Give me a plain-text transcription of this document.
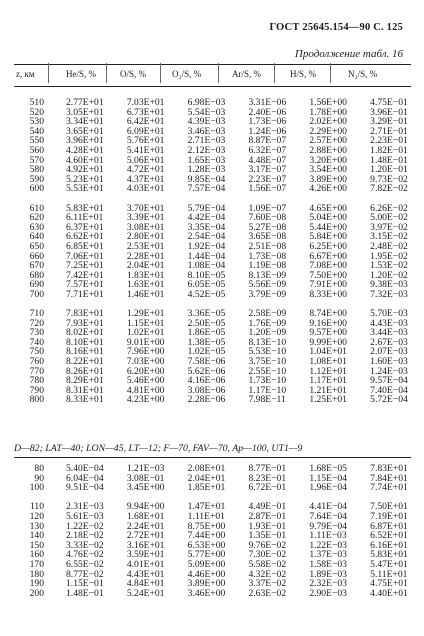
ГОСТ 25645.154—90 С. 125
Продолжение табл. 16
z, км	He/S, %	O/S, %	O₂/S, %	Ar/S, %	H/S, %	N₂/S, %
510	2.77E+01	7.03E+01	6.98E−03	3.31E−06	1.56E+00	4.75E−01
520	3.05E+01	6.73E+01	5.54E−03	2.40E−06	1.78E+00	3.96E−01
530	3.34E+01	6.42E+01	4.39E−03	1.73E−06	2.02E+00	3.29E−01
540	3.65E+01	6.09E+01	3.46E−03	1.24E−06	2.29E+00	2.71E−01
550	3.96E+01	5.76E+01	2.71E−03	8.87E−07	2.57E+00	2.23E−01
560	4.28E+01	5.41E+01	2.12E−03	6.32E−07	2.88E+00	1.82E−01
570	4.60E+01	5.06E+01	1.65E−03	4.48E−07	3.20E+00	1.48E−01
580	4.92E+01	4.72E+01	1.28E−03	3.17E−07	3.54E+00	1.20E−01
590	5.23E+01	4.37E+01	9.85E−04	2.23E−07	3.89E+00	9.73E−02
600	5.53E+01	4.03E+01	7.57E−04	1.56E−07	4.26E+00	7.82E−02

610	5.83E+01	3.70E+01	5.79E−04	1.09E−07	4.65E+00	6.26E−02
620	6.11E+01	3.39E+01	4.42E−04	7.60E−08	5.04E+00	5.00E−02
630	6.37E+01	3.08E+01	3.35E−04	5.27E−08	5.44E+00	3.97E−02
640	6.62E+01	2.80E+01	2.54E−04	3.65E−08	5.84E+00	3.15E−02
650	6.85E+01	2.53E+01	1.92E−04	2.51E−08	6.25E+00	2.48E−02
660	7.06E+01	2.28E+01	1.44E−04	1.73E−08	6.67E+00	1.95E−02
670	7.25E+01	2.04E+01	1.08E−04	1.19E−08	7.08E+00	1.53E−02
680	7.42E+01	1.83E+01	8.10E−05	8.13E−09	7.50E+00	1.20E−02
690	7.57E+01	1.63E+01	6.05E−05	5.56E−09	7.91E+00	9.38E−03
700	7.71E+01	1.46E+01	4.52E−05	3.79E−09	8.33E+00	7.32E−03

710	7.83E+01	1.29E+01	3.36E−05	2.58E−09	8.74E+00	5.70E−03
720	7.93E+01	1.15E+01	2.50E−05	1.76E−09	9.16E+00	4.43E−03
730	8.02E+01	1.02E+01	1.86E−05	1.20E−09	9.57E+00	3.44E−03
740	8.10E+01	9.01E+00	1.38E−05	8.13E−10	9.99E+00	2.67E−03
750	8.16E+01	7.96E+00	1.02E−05	5.53E−10	1.04E+01	2.07E−03
760	8.22E+01	7.03E+00	7.58E−06	3.75E−10	1.08E+01	1.60E−03
770	8.26E+01	6.20E+00	5.62E−06	2.55E−10	1.12E+01	1.24E−03
780	8.29E+01	5.46E+00	4.16E−06	1.73E−10	1.17E+01	9.57E−04
790	8.31E+01	4.81E+00	3.08E−06	1.17E−10	1.21E+01	7.40E−04
800	8.33E+01	4.23E+00	2.28E−06	7.98E−11	1.25E+01	5.72E−04
D—82; LAT—40; LON—45, LT—12; F—70, FAV—70, Ap—100, UT1—9
80	5.40E−04	1.21E−03	2.08E+01	8.77E−01	1.68E−05	7.83E+01
90	6.04E−04	3.08E−01	2.04E+01	8.23E−01	1.15E−04	7.84E+01
100	9.51E−04	3.45E+00	1.85E+01	6.72E−01	1.96E−04	7.74E+01

110	2.31E−03	9.94E+00	1.47E+01	4.49E−01	4.41E−04	7.50E+01
120	5.61E−03	1.68E+01	1.11E+01	2.87E−01	7.64E−04	7.19E+01
130	1.22E−02	2.24E+01	8.75E+00	1.93E−01	9.79E−04	6.87E+01
140	2.18E−02	2.72E+01	7.44E+00	1.35E−01	1.11E−03	6.52E+01
150	3.33E−02	3.16E+01	6.53E+00	9.76E−02	1.22E−03	6.16E+01
160	4.76E−02	3.59E+01	5.77E+00	7.30E−02	1.37E−03	5.83E+01
170	6.55E−02	4.01E+01	5.09E+00	5.58E−02	1.58E−03	5.47E+01
180	8.77E−02	4.43E+01	4.46E+00	4.32E−02	1.89E−03	5.11E+01
190	1.15E−01	4.84E+01	3.89E+00	3.37E−02	2.32E−03	4.75E+01
200	1.48E−01	5.24E+01	3.46E+00	2.63E−02	2.90E−03	4.40E+01
